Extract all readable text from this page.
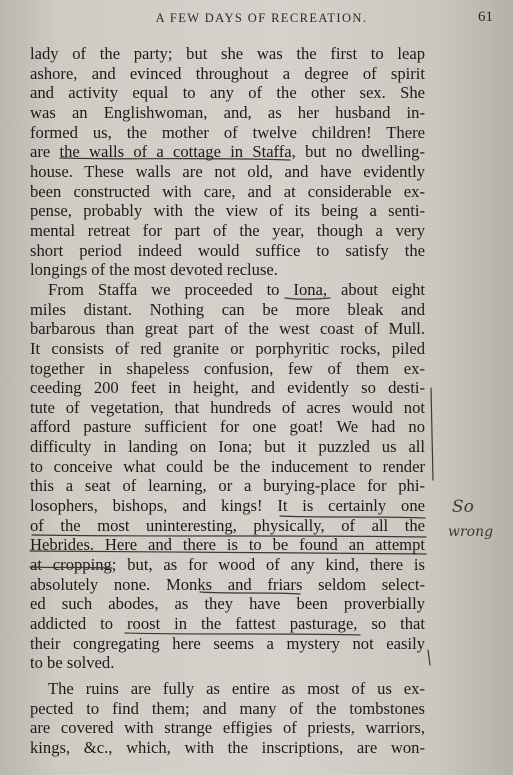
A FEW DAYS OF RECREATION.	61
lady of the party; but she was the first to leap
ashore, and evinced throughout a degree of spirit
and activity equal to any of the other sex. She
was an Englishwoman, and, as her husband in-
formed us, the mother of twelve children! There
are the walls of a cottage in Staffa, but no dwelling-
house. These walls are not old, and have evidently
been constructed with care, and at considerable ex-
pense, probably with the view of its being a senti-
mental retreat for part of the year, though a very
short period indeed would suffice to satisfy the
longings of the most devoted recluse.
From Staffa we proceeded to Iona, about eight
miles distant. Nothing can be more bleak and
barbarous than great part of the west coast of Mull.
It consists of red granite or porphyritic rocks, piled
together in shapeless confusion, few of them ex-
ceeding 200 feet in height, and evidently so desti-
tute of vegetation, that hundreds of acres would not
afford pasture sufficient for one goat! We had no
difficulty in landing on Iona; but it puzzled us all
to conceive what could be the inducement to render
this a seat of learning, or a burying-place for phi-
losophers, bishops, and kings! It is certainly one
of the most uninteresting, physically, of all the
Hebrides. Here and there is to be found an attempt
at cropping; but, as for wood of any kind, there is
absolutely none. Monks and friars seldom select-
ed such abodes, as they have been proverbially
addicted to roost in the fattest pasturage, so that
their congregating here seems a mystery not easily
to be solved.
The ruins are fully as entire as most of us ex-
pected to find them; and many of the tombstones
are covered with strange effigies of priests, warriors,
kings, &c., which, with the inscriptions, are won-
So
wrong
